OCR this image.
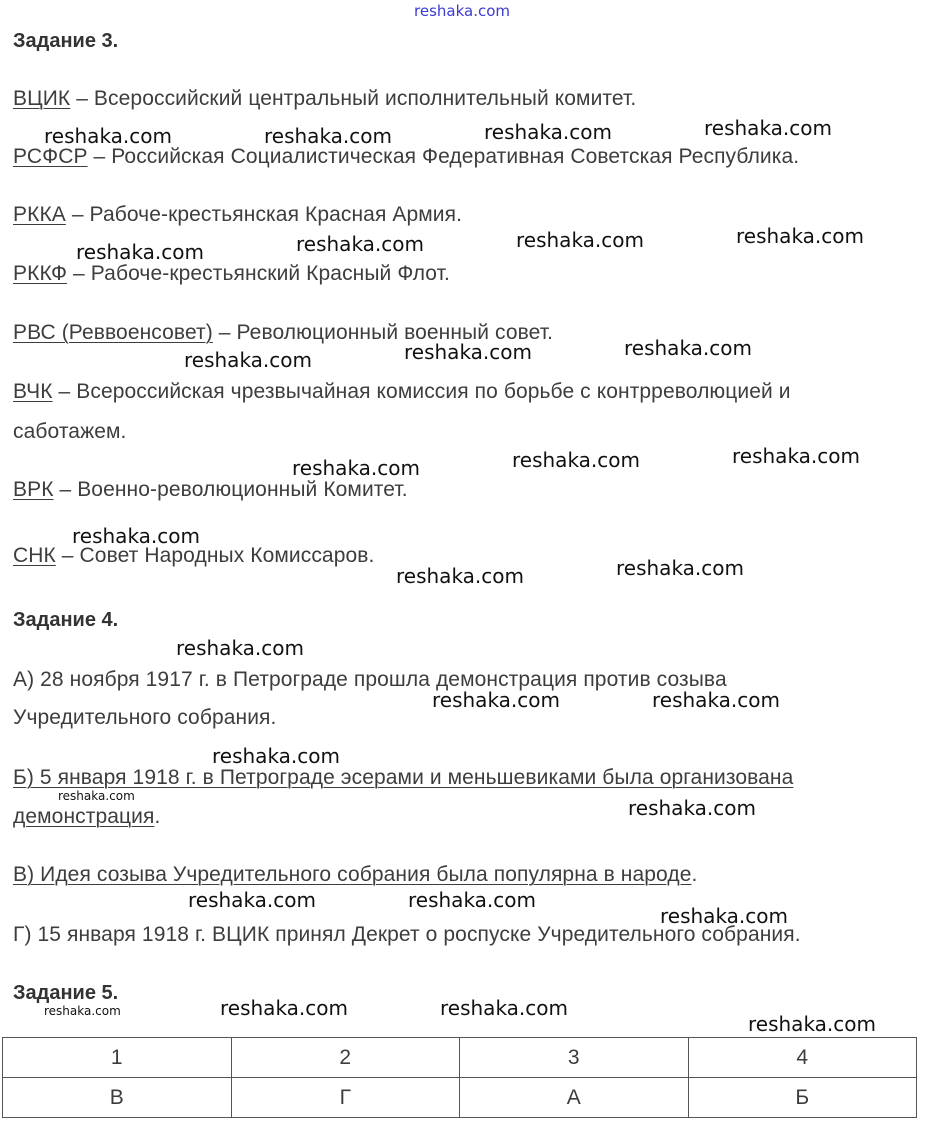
reshaka.com
Задание 3.
ВЦИК – Всероссийский центральный исполнительный комитет.
РСФСР – Российская Социалистическая Федеративная Советская Республика.
РККА – Рабоче-крестьянская Красная Армия.
РККФ – Рабоче-крестьянский Красный Флот.
РВС (Реввоенсовет) – Революционный военный совет.
ВЧК – Всероссийская чрезвычайная комиссия по борьбе с контрреволюцией и
саботажем.
ВРК – Военно-революционный Комитет.
СНК – Совет Народных Комиссаров.
Задание 4.
А) 28 ноября 1917 г. в Петрограде прошла демонстрация против созыва
Учредительного собрания.
Б) 5 января 1918 г. в Петрограде эсерами и меньшевиками была организована
демонстрация.
В) Идея созыва Учредительного собрания была популярна в народе.
Г) 15 января 1918 г. ВЦИК принял Декрет о роспуске Учредительного собрания.
Задание 5.
1	2	3	4
В	Г	А	Б
reshaka.com	reshaka.com	reshaka.com	reshaka.com
reshaka.com	reshaka.com	reshaka.com	reshaka.com
reshaka.com	reshaka.com	reshaka.com
reshaka.com	reshaka.com	reshaka.com
reshaka.com
reshaka.com	reshaka.com
reshaka.com
reshaka.com	reshaka.com
reshaka.com
reshaka.com	reshaka.com
reshaka.com	reshaka.com
reshaka.com
reshaka.com	reshaka.com	reshaka.com
reshaka.com
